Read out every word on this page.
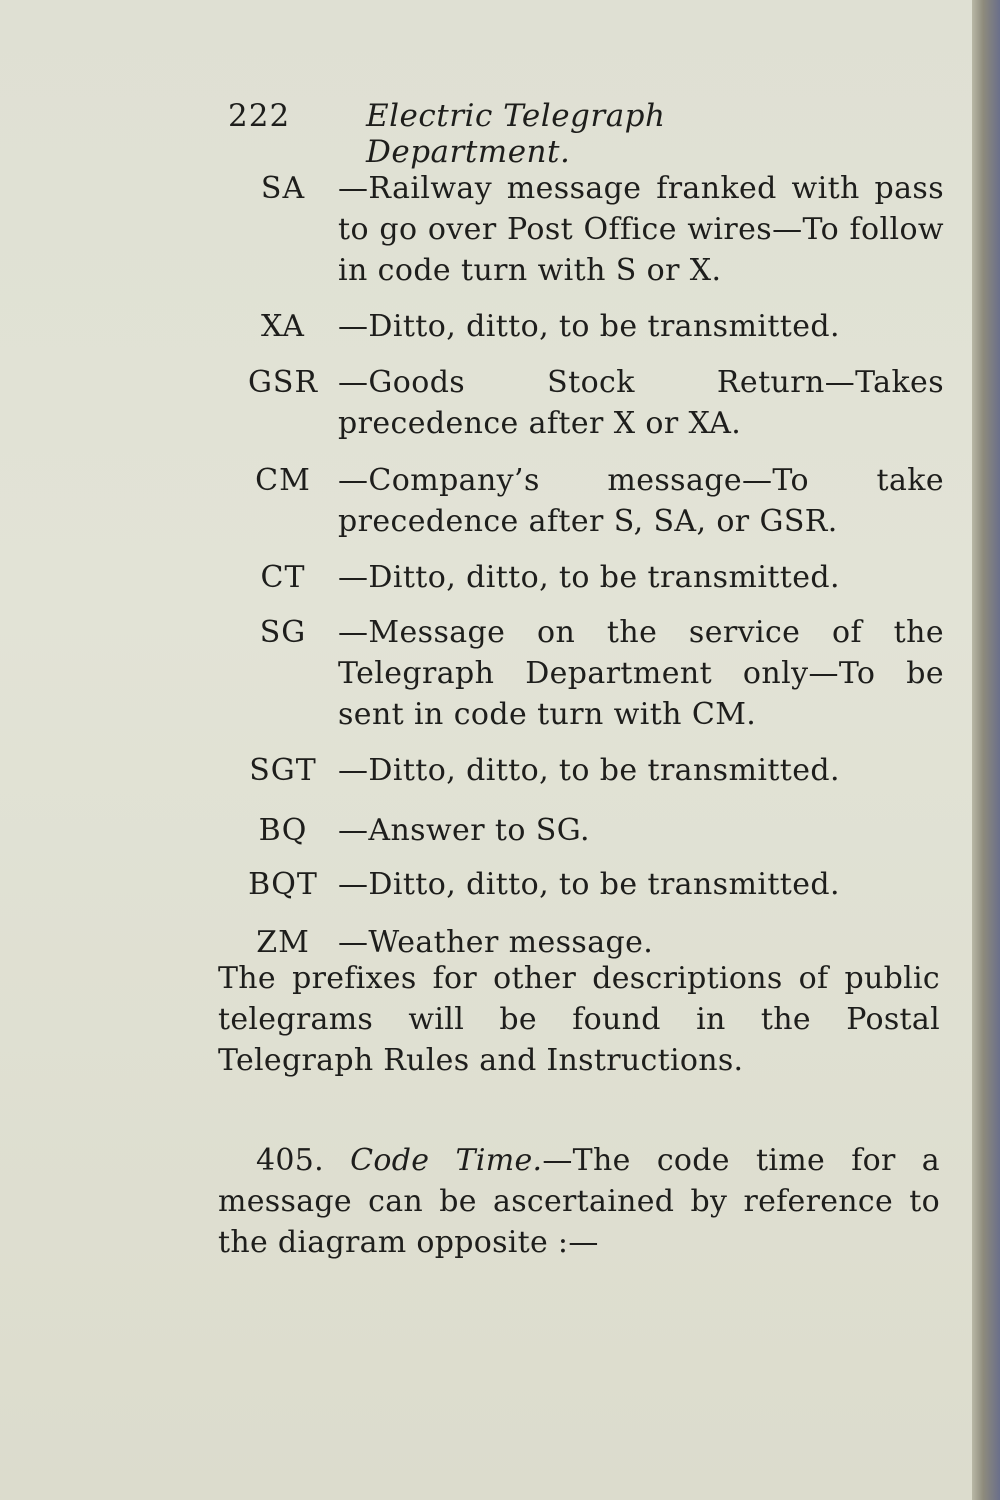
222 Electric Telegraph Department.
SA	—Railway message franked with pass to go over Post Office wires—To follow in code turn with S or X.
XA	—Ditto, ditto, to be transmitted.
GSR —Goods Stock Return—Takes precedence after X or XA.
CM —Company’s message—To take precedence after S, SA, or GSR.
CT	—Ditto, ditto, to be transmitted.
SG	—Message on the service of the Telegraph Department only—To be sent in code turn with CM.
SGT —Ditto, ditto, to be transmitted.
BQ	—Answer to SG.
BQT —Ditto, ditto, to be transmitted.
ZM —Weather message.

The prefixes for other descriptions of public telegrams will be found in the Postal Telegraph Rules and Instructions.

405. Code Time.—The code time for a message can be ascertained by reference to the diagram opposite :—
